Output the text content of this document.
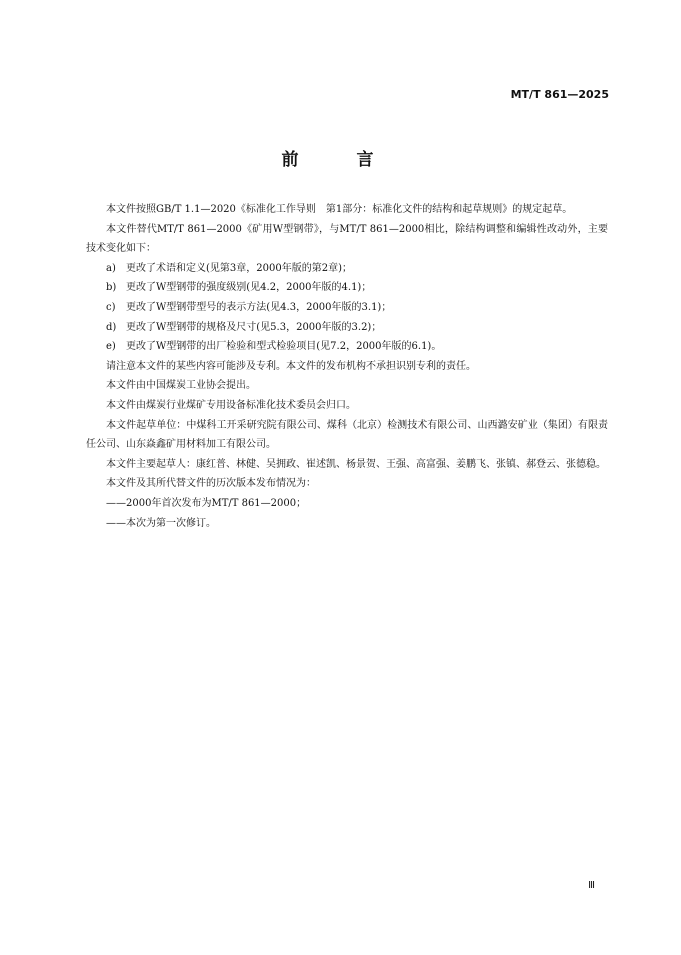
MT/T 861—2025
前 言

本文件按照GB/T 1.1—2020《标准化工作导则　第1部分：标准化文件的结构和起草规则》的规定起草。

本文件替代MT/T 861—2000《矿用W型钢带》，与MT/T 861—2000相比，除结构调整和编辑性改动外，主要技术变化如下：

a) 更改了术语和定义(见第3章，2000年版的第2章)；

b) 更改了W型钢带的强度级别(见4.2，2000年版的4.1)；

c) 更改了W型钢带型号的表示方法(见4.3，2000年版的3.1)；

d) 更改了W型钢带的规格及尺寸(见5.3，2000年版的3.2)；

e) 更改了W型钢带的出厂检验和型式检验项目(见7.2，2000年版的6.1)。

请注意本文件的某些内容可能涉及专利。本文件的发布机构不承担识别专利的责任。

本文件由中国煤炭工业协会提出。

本文件由煤炭行业煤矿专用设备标准化技术委员会归口。

本文件起草单位：中煤科工开采研究院有限公司、煤科（北京）检测技术有限公司、山西潞安矿业（集团）有限责任公司、山东焱鑫矿用材料加工有限公司。

本文件主要起草人：康红普、林健、吴拥政、崔述凯、杨景贺、王强、高富强、姜鹏飞、张镇、郝登云、张德稳。

本文件及其所代替文件的历次版本发布情况为：

——2000年首次发布为MT/T 861—2000；

——本次为第一次修订。

Ⅲ
